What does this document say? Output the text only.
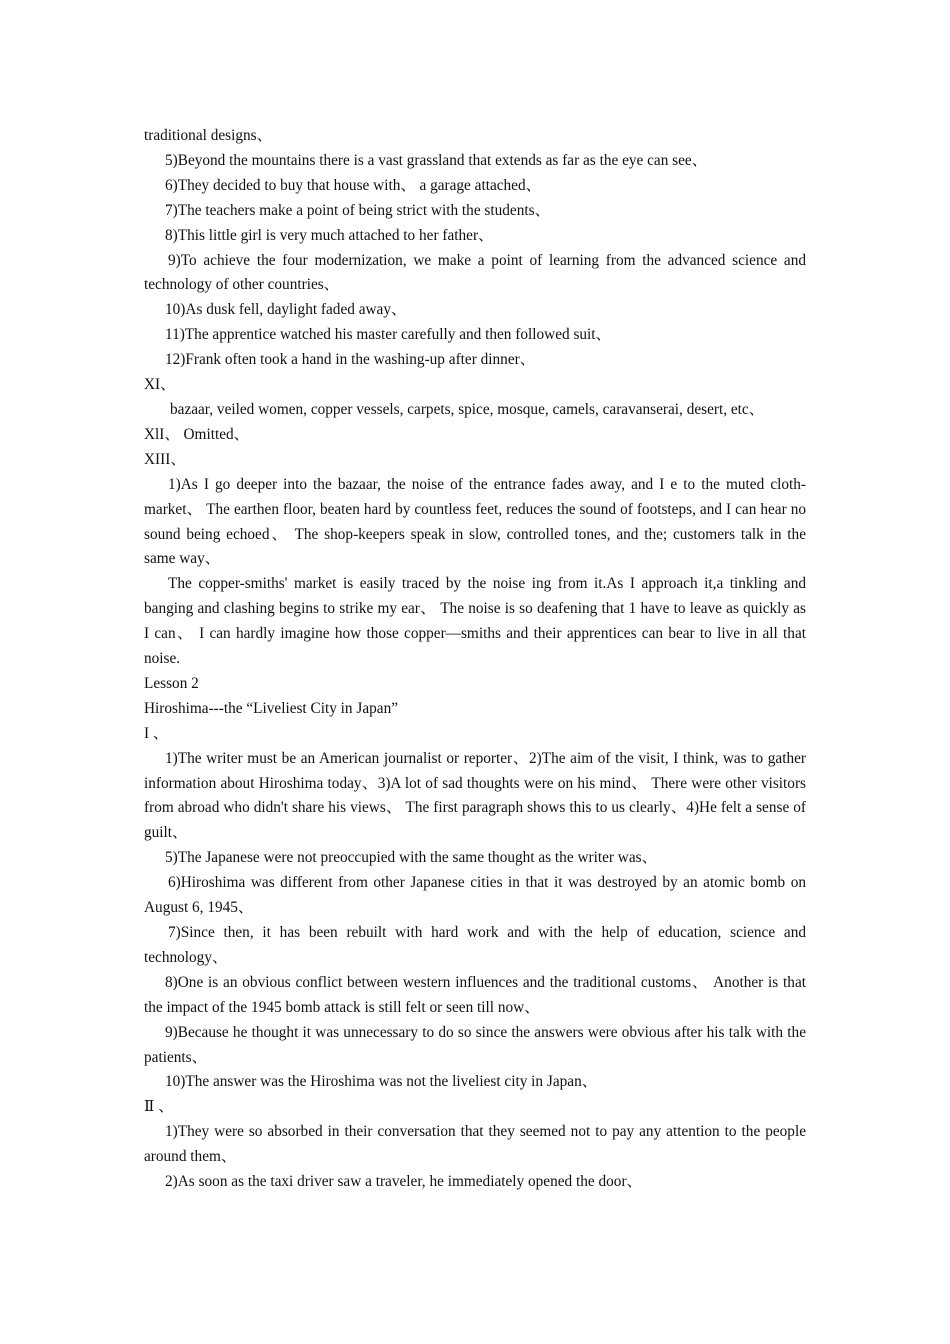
traditional designs、

5)Beyond the mountains there is a vast grassland that extends as far as the eye can see、

6)They decided to buy that house with、 a garage attached、

7)The teachers make a point of being strict with the students、

8)This little girl is very much attached to her father、

9)To achieve the four modernization, we make a point of learning from the advanced science and technology of other countries、

10)As dusk fell, daylight faded away、

11)The apprentice watched his master carefully and then followed suit、

12)Frank often took a hand in the washing-up after dinner、

XI、

bazaar, veiled women, copper vessels, carpets, spice, mosque, camels, caravanserai, desert, etc、

XlI、 Omitted、

XIII、

1)As I go deeper into the bazaar, the noise of the entrance fades away, and I e to the muted cloth-market、 The earthen floor, beaten hard by countless feet, reduces the sound of footsteps, and I can hear no sound being echoed、 The shop-keepers speak in slow, controlled tones, and the; customers talk in the same way、

The copper-smiths' market is easily traced by the noise ing from it.As I approach it,a tinkling and banging and clashing begins to strike my ear、 The noise is so deafening that 1 have to leave as quickly as I can、 I can hardly imagine how those copper—smiths and their apprentices can bear to live in all that noise.

Lesson 2

Hiroshima---the “Liveliest City in Japan”

I 、

1)The writer must be an American journalist or reporter、2)The aim of the visit, I think, was to gather information about Hiroshima today、3)A lot of sad thoughts were on his mind、 There were other visitors from abroad who didn't share his views、 The first paragraph shows this to us clearly、4)He felt a sense of guilt、

5)The Japanese were not preoccupied with the same thought as the writer was、

6)Hiroshima was different from other Japanese cities in that it was destroyed by an atomic bomb on August 6, 1945、

7)Since then, it has been rebuilt with hard work and with the help of education, science and technology、

8)One is an obvious conflict between western influences and the traditional customs、 Another is that the impact of the 1945 bomb attack is still felt or seen till now、

9)Because he thought it was unnecessary to do so since the answers were obvious after his talk with the patients、

10)The answer was the Hiroshima was not the liveliest city in Japan、

Ⅱ 、

1)They were so absorbed in their conversation that they seemed not to pay any attention to the people around them、

2)As soon as the taxi driver saw a traveler, he immediately opened the door、
